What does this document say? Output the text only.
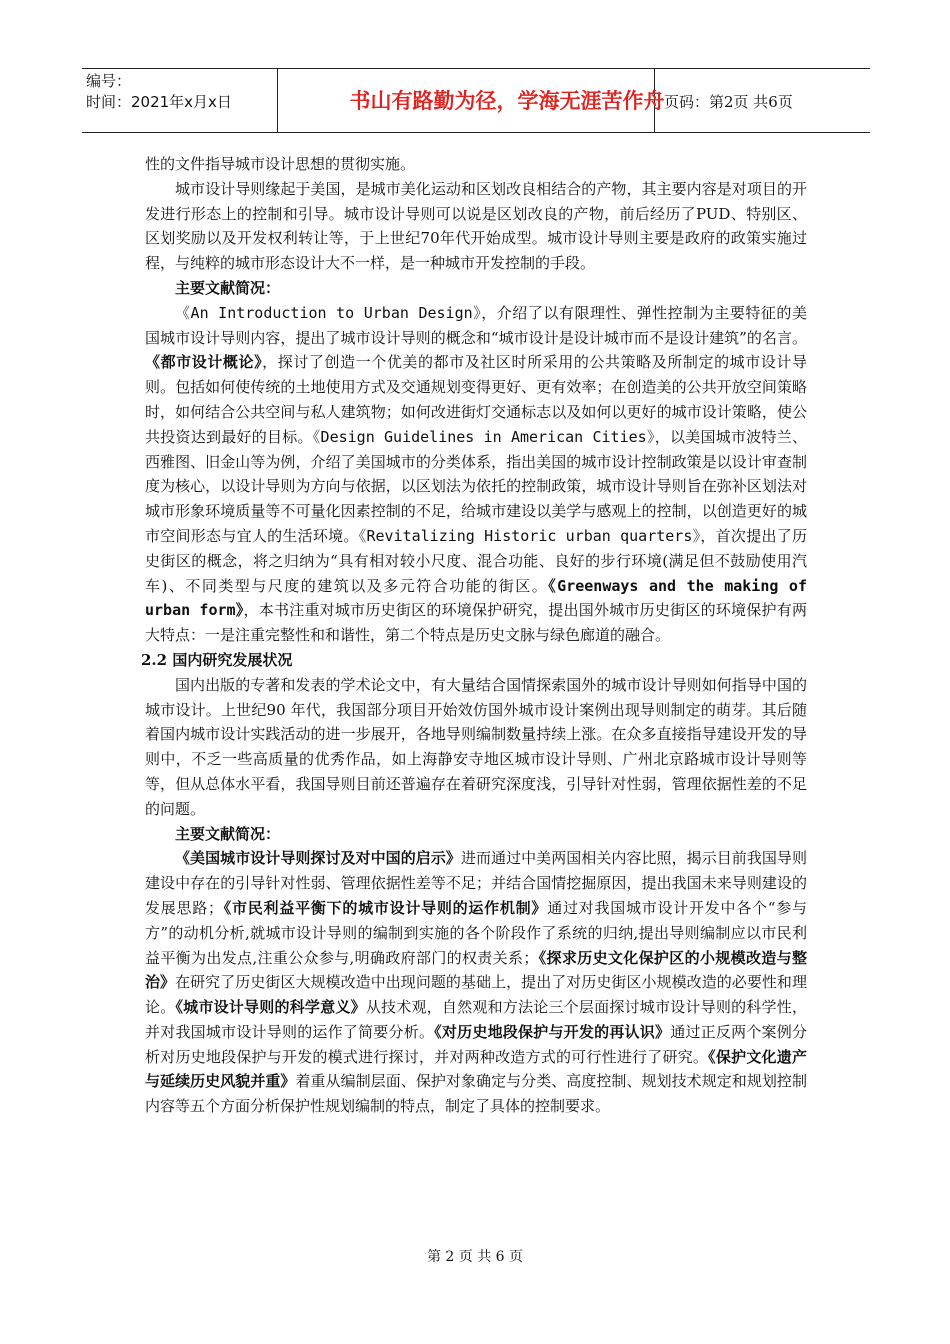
编号：
时间：2021年x月x日	书山有路勤为径，学海无涯苦作舟 页码：第2页 共6页

性的文件指导城市设计思想的贯彻实施。

城市设计导则缘起于美国，是城市美化运动和区划改良相结合的产物，其主要内容是对项目的开发进行形态上的控制和引导。城市设计导则可以说是区划改良的产物，前后经历了PUD、特别区、区划奖励以及开发权利转让等，于上世纪70年代开始成型。城市设计导则主要是政府的政策实施过程，与纯粹的城市形态设计大不一样，是一种城市开发控制的手段。

主要文献简况：

《An Introduction to Urban Design》，介绍了以有限理性、弹性控制为主要特征的美国城市设计导则内容，提出了城市设计导则的概念和“城市设计是设计城市而不是设计建筑”的名言。《都市设计概论》，探讨了创造一个优美的都市及社区时所采用的公共策略及所制定的城市设计导则。包括如何使传统的土地使用方式及交通规划变得更好、更有效率；在创造美的公共开放空间策略时，如何结合公共空间与私人建筑物；如何改进街灯交通标志以及如何以更好的城市设计策略，使公共投资达到最好的目标。《Design Guidelines in American Cities》，以美国城市波特兰、西雅图、旧金山等为例，介绍了美国城市的分类体系，指出美国的城市设计控制政策是以设计审查制度为核心，以设计导则为方向与依据，以区划法为依托的控制政策，城市设计导则旨在弥补区划法对城市形象环境质量等不可量化因素控制的不足，给城市建设以美学与感观上的控制，以创造更好的城市空间形态与宜人的生活环境。《Revitalizing Historic urban quarters》，首次提出了历史街区的概念，将之归纳为“具有相对较小尺度、混合功能、良好的步行环境(满足但不鼓励使用汽车)、不同类型与尺度的建筑以及多元符合功能的街区。《Greenways and the making of urban form》，本书注重对城市历史街区的环境保护研究，提出国外城市历史街区的环境保护有两大特点：一是注重完整性和和谐性，第二个特点是历史文脉与绿色廊道的融合。

2.2 国内研究发展状况

国内出版的专著和发表的学术论文中，有大量结合国情探索国外的城市设计导则如何指导中国的城市设计。上世纪90 年代，我国部分项目开始效仿国外城市设计案例出现导则制定的萌芽。其后随着国内城市设计实践活动的进一步展开，各地导则编制数量持续上涨。在众多直接指导建设开发的导则中，不乏一些高质量的优秀作品，如上海静安寺地区城市设计导则、广州北京路城市设计导则等等，但从总体水平看，我国导则目前还普遍存在着研究深度浅，引导针对性弱，管理依据性差的不足的问题。

主要文献简况：

《美国城市设计导则探讨及对中国的启示》进而通过中美两国相关内容比照，揭示目前我国导则建设中存在的引导针对性弱、管理依据性差等不足；并结合国情挖掘原因，提出我国未来导则建设的发展思路；《市民利益平衡下的城市设计导则的运作机制》通过对我国城市设计开发中各个“参与方”的动机分析,就城市设计导则的编制到实施的各个阶段作了系统的归纳,提出导则编制应以市民利益平衡为出发点,注重公众参与,明确政府部门的权责关系；《探求历史文化保护区的小规模改造与整治》在研究了历史街区大规模改造中出现问题的基础上，提出了对历史街区小规模改造的必要性和理论。《城市设计导则的科学意义》从技术观，自然观和方法论三个层面探讨城市设计导则的科学性，并对我国城市设计导则的运作了简要分析。《对历史地段保护与开发的再认识》通过正反两个案例分析对历史地段保护与开发的模式进行探讨，并对两种改造方式的可行性进行了研究。《保护文化遗产与延续历史风貌并重》着重从编制层面、保护对象确定与分类、高度控制、规划技术规定和规划控制内容等五个方面分析保护性规划编制的特点，制定了具体的控制要求。

第 2 页 共 6 页
